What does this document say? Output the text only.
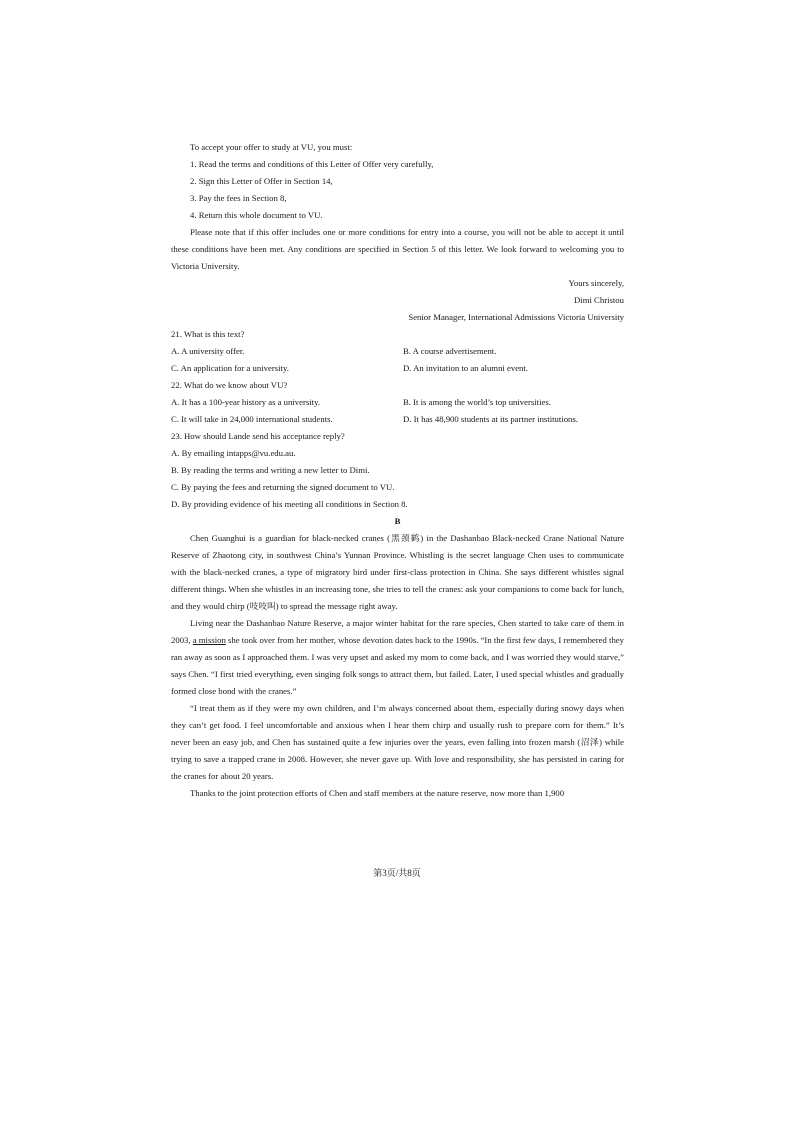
To accept your offer to study at VU, you must:
1. Read the terms and conditions of this Letter of Offer very carefully,
2. Sign this Letter of Offer in Section 14,
3. Pay the fees in Section 8,
4. Return this whole document to VU.
Please note that if this offer includes one or more conditions for entry into a course, you will not be able to accept it until these conditions have been met. Any conditions are specified in Section 5 of this letter. We look forward to welcoming you to Victoria University.
Yours sincerely,
Dimi Christou
Senior Manager, International Admissions Victoria University
21. What is this text?
A. A university offer.	B. A course advertisement.
C. An application for a university.	D. An invitation to an alumni event.
22. What do we know about VU?
A. It has a 100-year history as a university.	B. It is among the world’s top universities.
C. It will take in 24,000 international students.	D. It has 48,900 students at its partner institutions.
23. How should Lande send his acceptance reply?
A. By emailing intapps@vu.edu.au.
B. By reading the terms and writing a new letter to Dimi.
C. By paying the fees and returning the signed document to VU.
D. By providing evidence of his meeting all conditions in Section 8.
B
Chen Guanghui is a guardian for black-necked cranes (黑颈鹤) in the Dashanbao Black-necked Crane National Nature Reserve of Zhaotong city, in southwest China’s Yunnan Province. Whistling is the secret language Chen uses to communicate with the black-necked cranes, a type of migratory bird under first-class protection in China. She says different whistles signal different things. When she whistles in an increasing tone, she tries to tell the cranes: ask your companions to come back for lunch, and they would chirp (吱吱叫) to spread the message right away.
Living near the Dashanbao Nature Reserve, a major winter habitat for the rare species, Chen started to take care of them in 2003, a mission she took over from her mother, whose devotion dates back to the 1990s. “In the first few days, I remembered they ran away as soon as I approached them. I was very upset and asked my mom to come back, and I was worried they would starve,” says Chen. “I first tried everything, even singing folk songs to attract them, but failed. Later, I used special whistles and gradually formed close bond with the cranes.”
“I treat them as if they were my own children, and I’m always concerned about them, especially during snowy days when they can’t get food. I feel uncomfortable and anxious when I hear them chirp and usually rush to prepare corn for them.” It’s never been an easy job, and Chen has sustained quite a few injuries over the years, even falling into frozen marsh (沼泽) while trying to save a trapped crane in 2008. However, she never gave up. With love and responsibility, she has persisted in caring for the cranes for about 20 years.
Thanks to the joint protection efforts of Chen and staff members at the nature reserve, now more than 1,900
第3页/共8页
